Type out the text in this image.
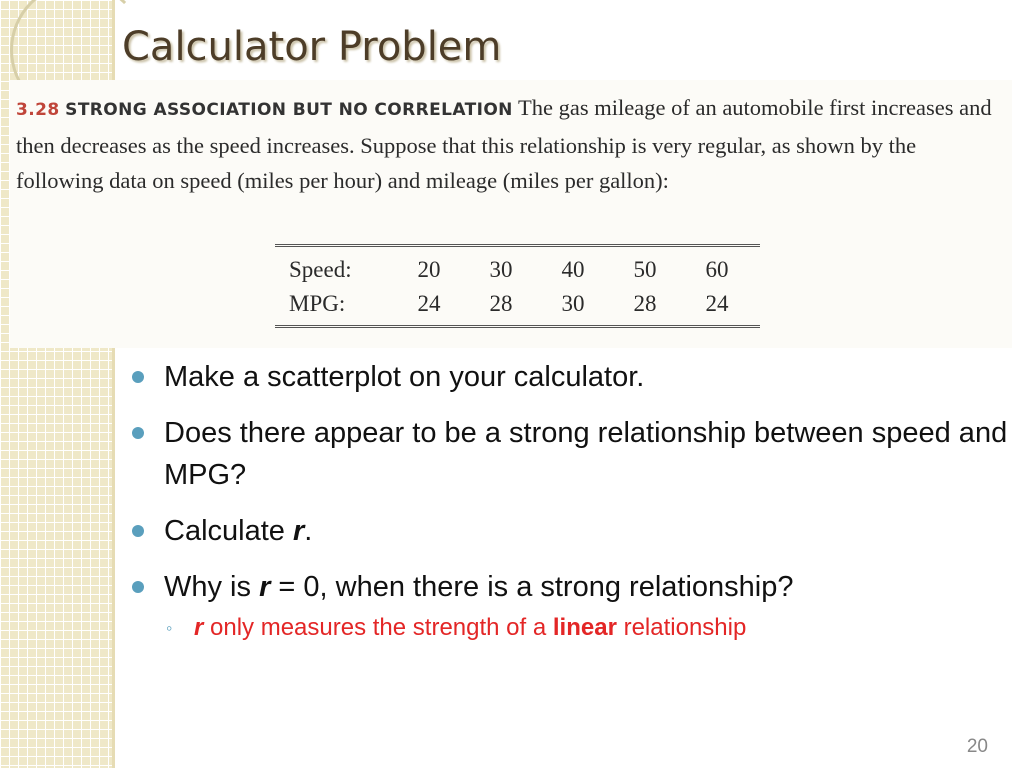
Calculator Problem

3.28 STRONG ASSOCIATION BUT NO CORRELATION The gas mileage of an automobile first increases and then decreases as the speed increases. Suppose that this relationship is very regular, as shown by the following data on speed (miles per hour) and mileage (miles per gallon):

Speed:	20	30	40	50	60
MPG:	24	28	30	28	24
Make a scatterplot on your calculator.
Does there appear to be a strong relationship between speed and MPG?
Calculate r.
Why is r = 0, when there is a strong relationship?
◦ r only measures the strength of a linear relationship
20
